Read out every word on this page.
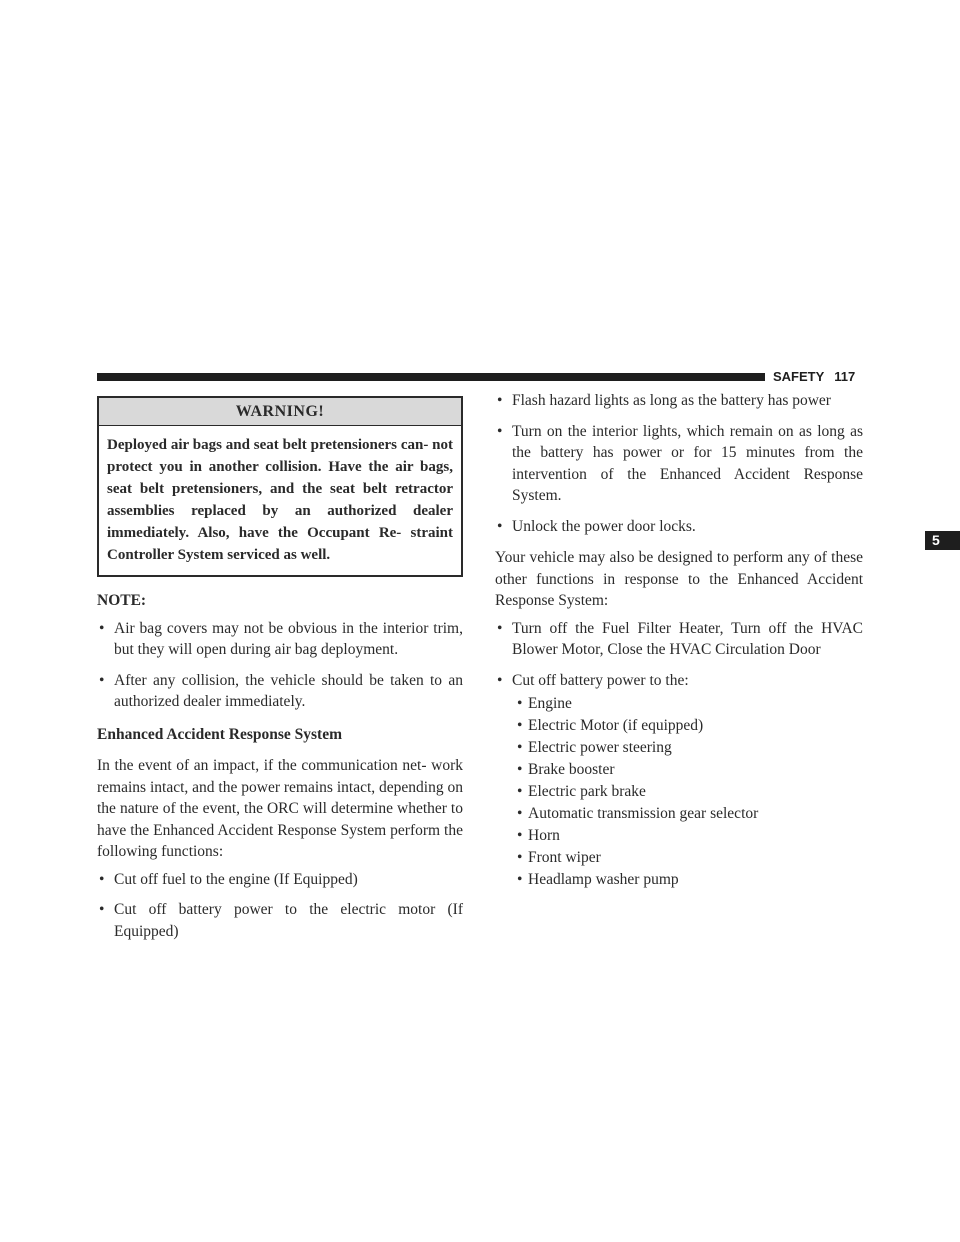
SAFETY 117
5
WARNING!
Deployed air bags and seat belt pretensioners can- not protect you in another collision. Have the air bags, seat belt pretensioners, and the seat belt retractor assemblies replaced by an authorized dealer immediately. Also, have the Occupant Re- straint Controller System serviced as well.

NOTE:

• Air bag covers may not be obvious in the interior trim, but they will open during air bag deployment.
• After any collision, the vehicle should be taken to an authorized dealer immediately.

Enhanced Accident Response System

In the event of an impact, if the communication net- work remains intact, and the power remains intact, depending on the nature of the event, the ORC will determine whether to have the Enhanced Accident Response System perform the following functions:

• Cut off fuel to the engine (If Equipped)
• Cut off battery power to the electric motor (If Equipped)
• Flash hazard lights as long as the battery has power
• Turn on the interior lights, which remain on as long as the battery has power or for 15 minutes from the intervention of the Enhanced Accident Response System.
• Unlock the power door locks.

Your vehicle may also be designed to perform any of these other functions in response to the Enhanced Accident Response System:

• Turn off the Fuel Filter Heater, Turn off the HVAC Blower Motor, Close the HVAC Circulation Door
• Cut off battery power to the:
• Engine
• Electric Motor (if equipped)
• Electric power steering
• Brake booster
• Electric park brake
• Automatic transmission gear selector
• Horn
• Front wiper
• Headlamp washer pump
